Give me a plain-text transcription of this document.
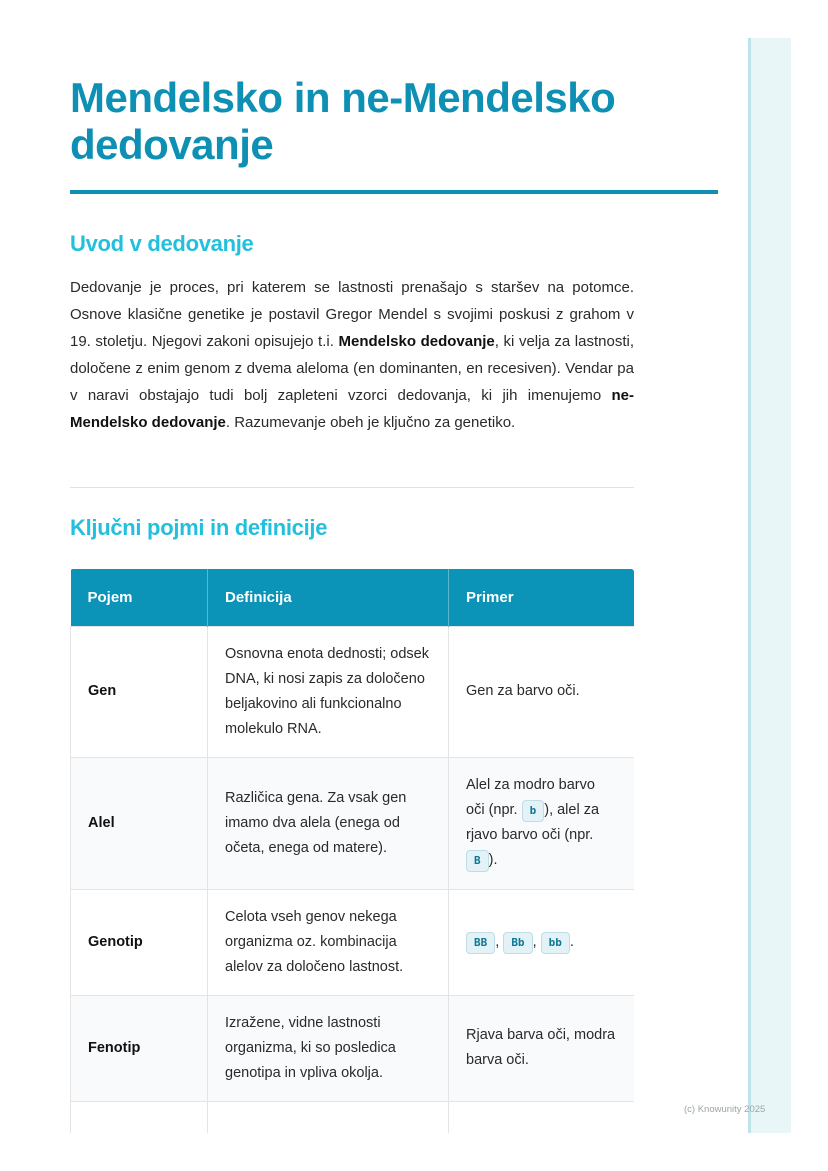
Mendelsko in ne-Mendelsko dedovanje
Uvod v dedovanje

Dedovanje je proces, pri katerem se lastnosti prenašajo s staršev na potomce. Osnove klasične genetike je postavil Gregor Mendel s svojimi poskusi z grahom v 19. stoletju. Njegovi zakoni opisujejo t.i. Mendelsko dedovanje, ki velja za lastnosti, določene z enim genom z dvema aleloma (en dominanten, en recesiven). Vendar pa v naravi obstajajo tudi bolj zapleteni vzorci dedovanja, ki jih imenujemo ne-Mendelsko dedovanje. Razumevanje obeh je ključno za genetiko.

Ključni pojmi in definicije
Pojem	Definicija	Primer
Gen	Osnovna enota dednosti; odsek DNA, ki nosi zapis za določeno beljakovino ali funkcionalno molekulo RNA.	Gen za barvo oči.
Alel	Različica gena. Za vsak gen imamo dva alela (enega od očeta, enega od matere).	Alel za modro barvo oči (npr. b ), alel za rjavo barvo oči (npr. B ).
Genotip	Celota vseh genov nekega organizma oz. kombinacija alelov za določeno lastnost.	BB , Bb , bb .
Fenotip	Izražene, vidne lastnosti organizma, ki so posledica genotipa in vpliva okolja.	Rjava barva oči, modra barva oči.

(c) Knowunity 2025
